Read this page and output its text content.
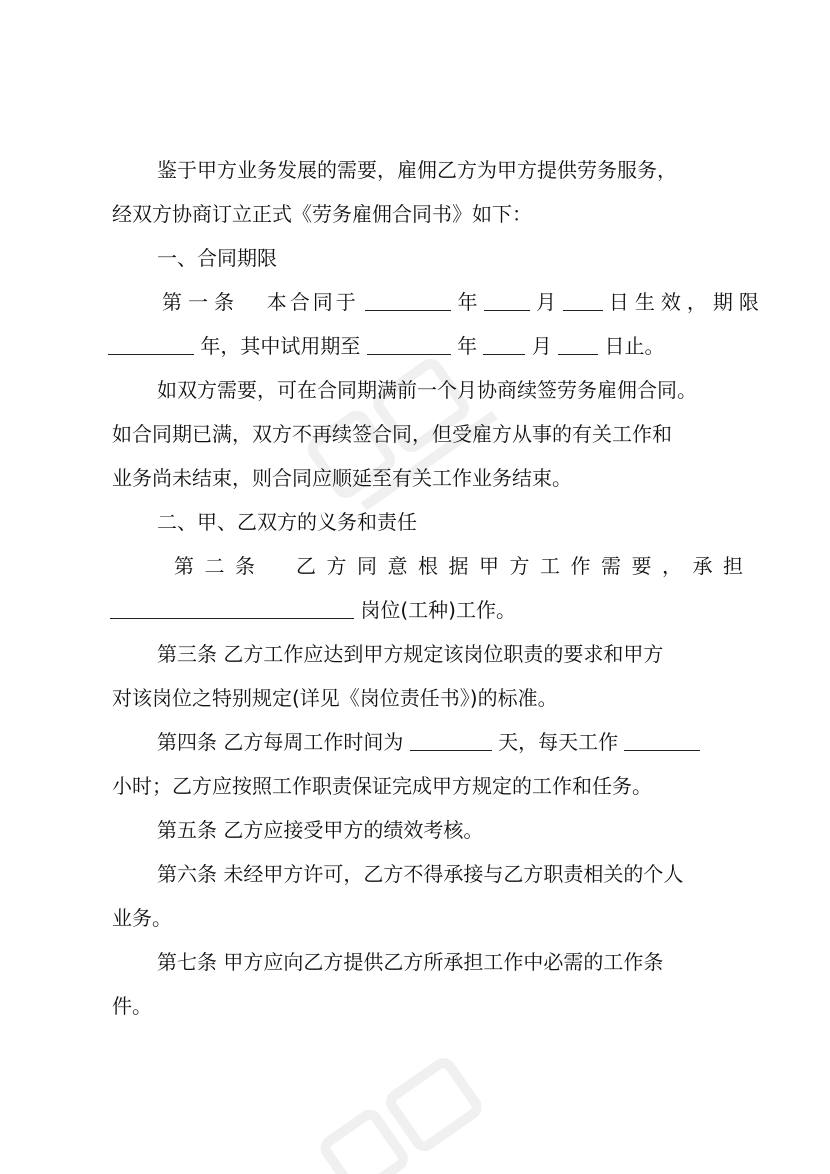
鉴于甲方业务发展的需要，雇佣乙方为甲方提供劳务服务，
经双方协商订立正式《劳务雇佣合同书》如下：
一、合同期限
第一条 本合同于	年	月	日生效，期限
年，其中试用期至	年	月	日止。
如双方需要，可在合同期满前一个月协商续签劳务雇佣合同。
如合同期已满，双方不再续签合同，但受雇方从事的有关工作和
业务尚未结束，则合同应顺延至有关工作业务结束。
二、甲、乙双方的义务和责任
第二条　乙方同意根据甲方工作需要，承担
岗位(工种)工作。
第三条 乙方工作应达到甲方规定该岗位职责的要求和甲方
对该岗位之特别规定(详见《岗位责任书》)的标准。
第四条 乙方每周工作时间为	天，每天工作
小时；乙方应按照工作职责保证完成甲方规定的工作和任务。
第五条 乙方应接受甲方的绩效考核。
第六条 未经甲方许可，乙方不得承接与乙方职责相关的个人
业务。
第七条 甲方应向乙方提供乙方所承担工作中必需的工作条
件。
